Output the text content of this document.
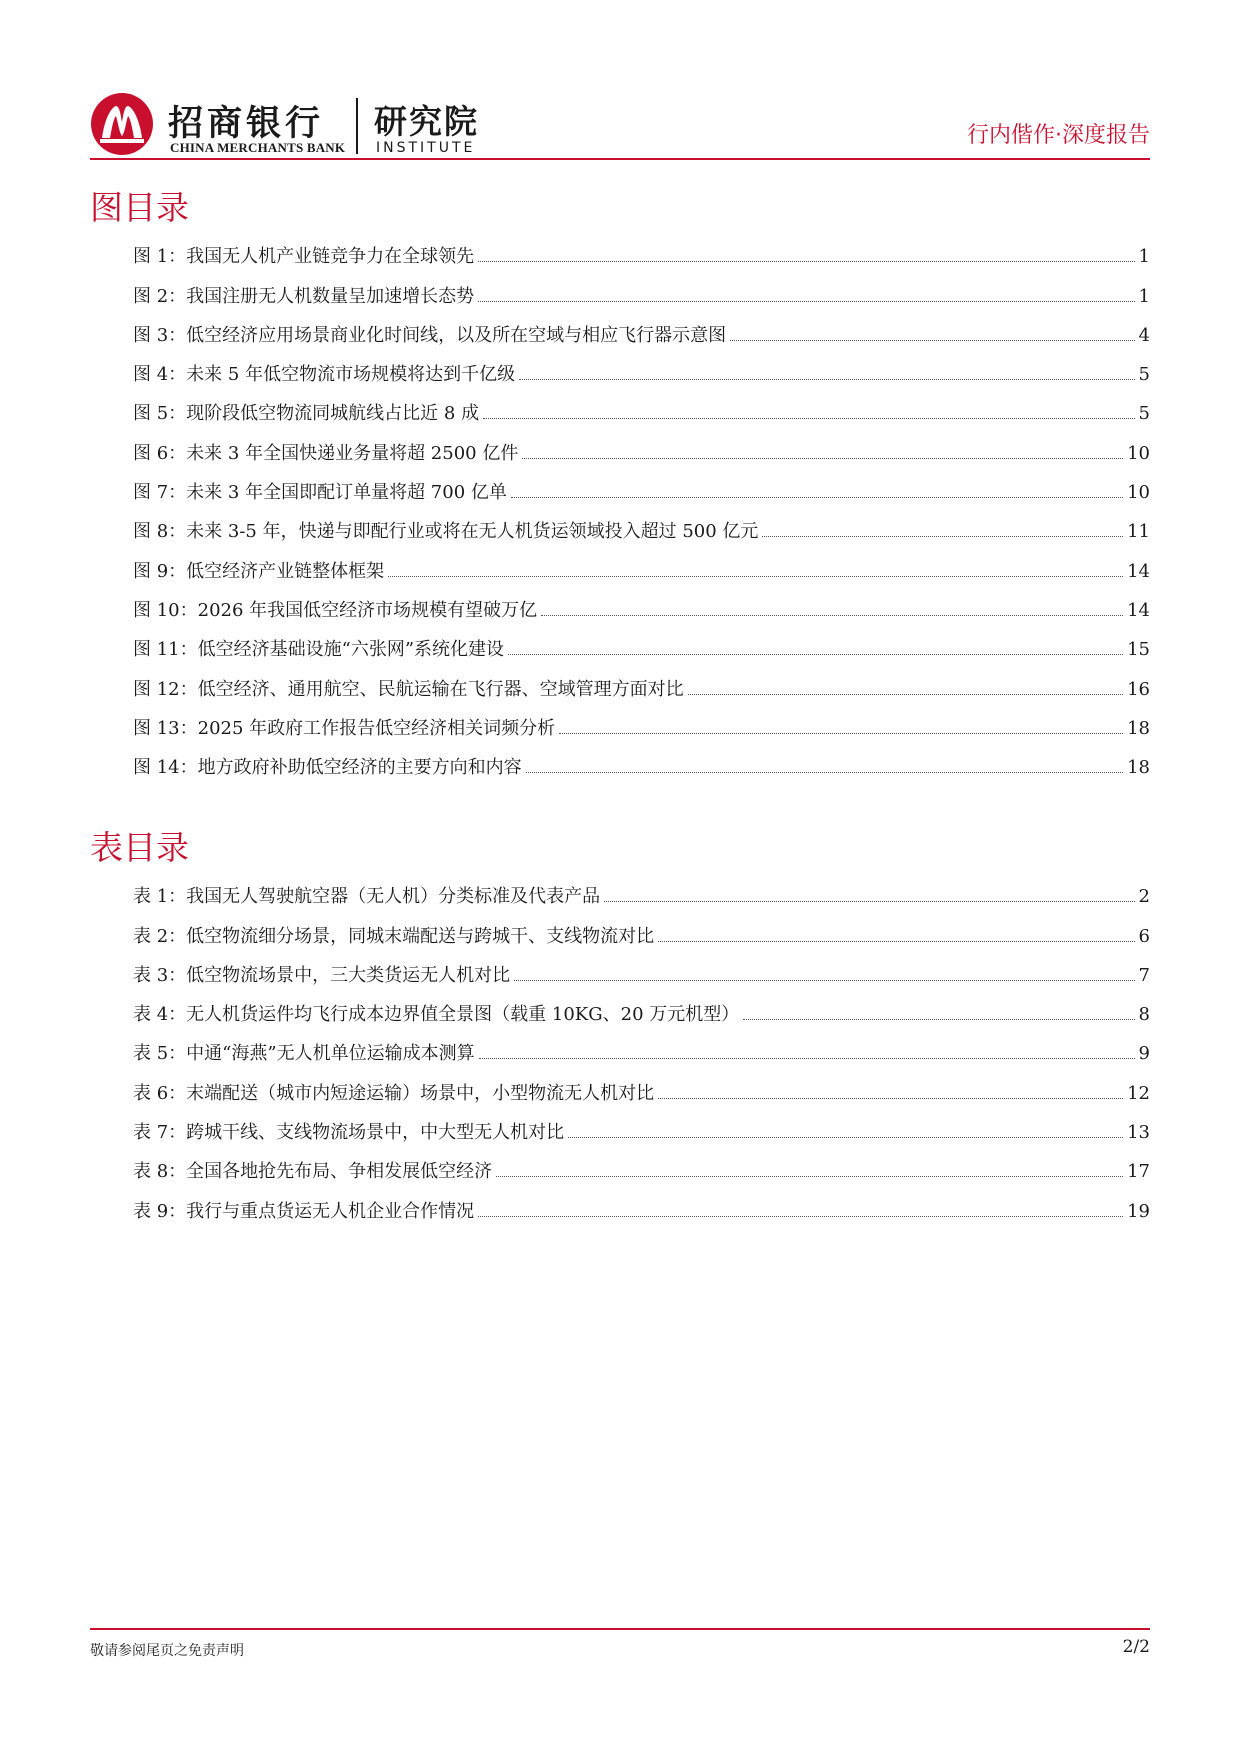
招商银行
CHINA MERCHANTS BANK
研究院
INSTITUTE	行内偕作·深度报告
图目录
图 1：我国无人机产业链竞争力在全球领先	1
图 2：我国注册无人机数量呈加速增长态势	1
图 3：低空经济应用场景商业化时间线，以及所在空域与相应飞行器示意图	4
图 4：未来 5 年低空物流市场规模将达到千亿级	5
图 5：现阶段低空物流同城航线占比近 8 成	5
图 6：未来 3 年全国快递业务量将超 2500 亿件	10
图 7：未来 3 年全国即配订单量将超 700 亿单	10
图 8：未来 3-5 年，快递与即配行业或将在无人机货运领域投入超过 500 亿元	11
图 9：低空经济产业链整体框架	14
图 10：2026 年我国低空经济市场规模有望破万亿	14
图 11：低空经济基础设施“六张网”系统化建设	15
图 12：低空经济、通用航空、民航运输在飞行器、空域管理方面对比	16
图 13：2025 年政府工作报告低空经济相关词频分析	18
图 14：地方政府补助低空经济的主要方向和内容	18
表目录
表 1：我国无人驾驶航空器（无人机）分类标准及代表产品	2
表 2：低空物流细分场景，同城末端配送与跨城干、支线物流对比	6
表 3：低空物流场景中，三大类货运无人机对比	7
表 4：无人机货运件均飞行成本边界值全景图（载重 10KG、20 万元机型）	8
表 5：中通“海燕”无人机单位运输成本测算	9
表 6：末端配送（城市内短途运输）场景中，小型物流无人机对比	12
表 7：跨城干线、支线物流场景中，中大型无人机对比	13
表 8：全国各地抢先布局、争相发展低空经济	17
表 9：我行与重点货运无人机企业合作情况	19
敬请参阅尾页之免责声明	2/2
